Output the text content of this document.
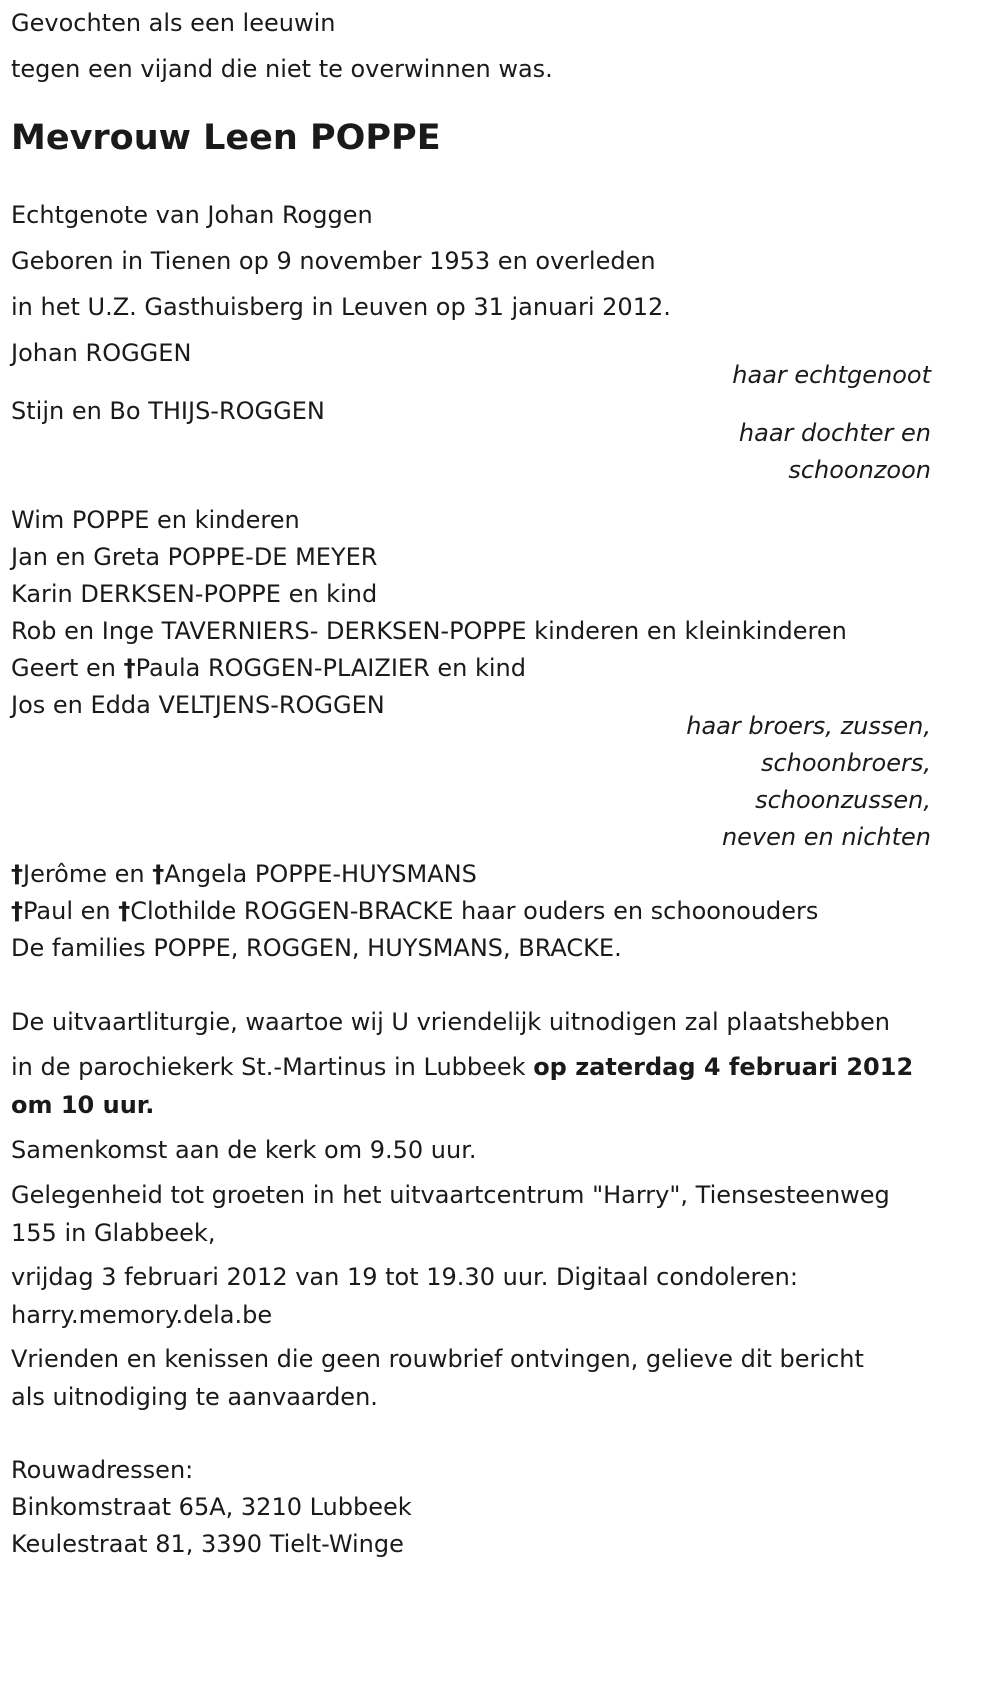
Gevochten als een leeuwin

tegen een vijand die niet te overwinnen was.

Mevrouw Leen POPPE

Echtgenote van Johan Roggen

Geboren in Tienen op 9 november 1953 en overleden

in het U.Z. Gasthuisberg in Leuven op 31 januari 2012.

Johan ROGGEN

haar echtgenoot

Stijn en Bo THIJS-ROGGEN

haar dochter en

schoonzoon

Wim POPPE en kinderen

Jan en Greta POPPE-DE MEYER

Karin DERKSEN-POPPE en kind

Rob en Inge TAVERNIERS- DERKSEN-POPPE kinderen en kleinkinderen

Geert en †Paula ROGGEN-PLAIZIER en kind

Jos en Edda VELTJENS-ROGGEN

haar broers, zussen,

schoonbroers,

schoonzussen,

neven en nichten

†Jerôme en †Angela POPPE-HUYSMANS

†Paul en †Clothilde ROGGEN-BRACKE haar ouders en schoonouders

De families POPPE, ROGGEN, HUYSMANS, BRACKE.

De uitvaartliturgie, waartoe wij U vriendelijk uitnodigen zal plaatshebben

in de parochiekerk St.-Martinus in Lubbeek op zaterdag 4 februari 2012 om 10 uur.

Samenkomst aan de kerk om 9.50 uur.

Gelegenheid tot groeten in het uitvaartcentrum "Harry", Tiensesteenweg 155 in Glabbeek,

vrijdag 3 februari 2012 van 19 tot 19.30 uur. Digitaal condoleren: harry.memory.dela.be

Vrienden en kenissen die geen rouwbrief ontvingen, gelieve dit bericht als uitnodiging te aanvaarden.

Rouwadressen:

Binkomstraat 65A, 3210 Lubbeek

Keulestraat 81, 3390 Tielt-Winge
